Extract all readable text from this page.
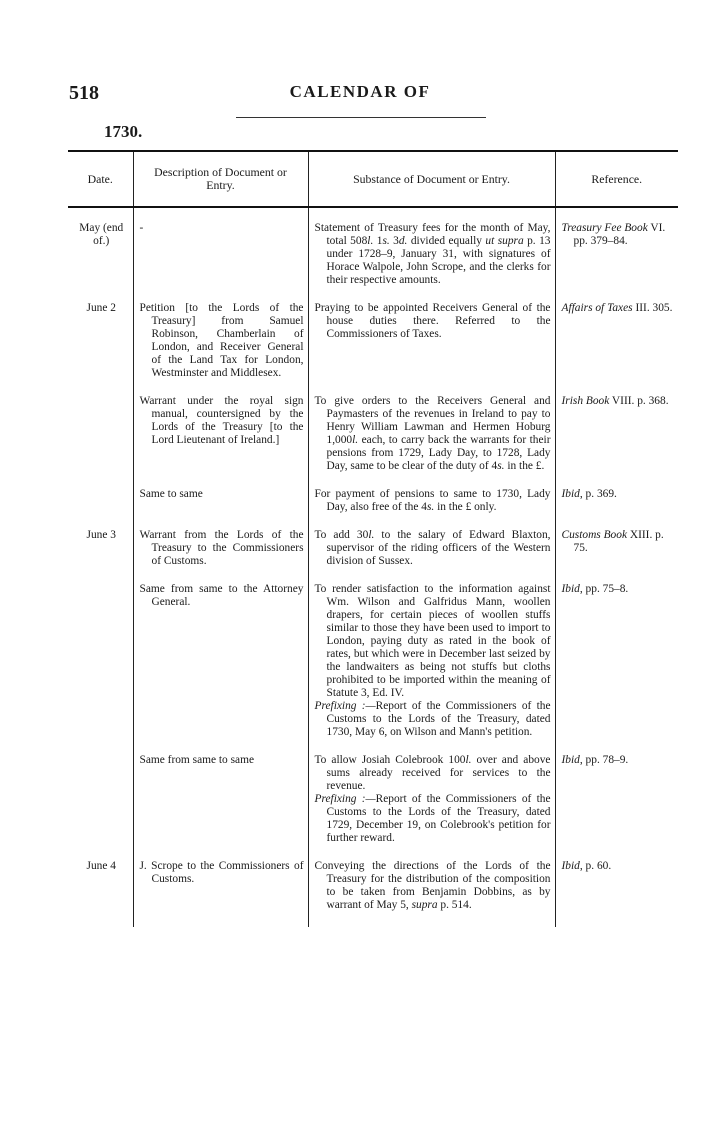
518	CALENDAR OF
1730.
Date.	Description of Document or Entry.	Substance of Document or Entry.	Reference.
May (end of.)	-	Statement of Treasury fees for the month of May, total 508l. 1s. 3d. divided equally ut supra p. 13 under 1728–9, January 31, with signatures of Horace Walpole, John Scrope, and the clerks for their respective amounts.	Treasury Fee Book VI. pp. 379–84.

June 2	Petition [to the Lords of the Treasury] from Samuel Robinson, Chamberlain of London, and Receiver General of the Land Tax for London, Westminster and Middlesex.	Praying to be appointed Receivers General of the house duties there. Referred to the Commissioners of Taxes.	Affairs of Taxes III. 305.

	Warrant under the royal sign manual, countersigned by the Lords of the Treasury [to the Lord Lieutenant of Ireland.]	To give orders to the Receivers General and Paymasters of the revenues in Ireland to pay to Henry William Lawman and Hermen Hoburg 1,000l. each, to carry back the warrants for their pensions from 1729, Lady Day, to 1728, Lady Day, same to be clear of the duty of 4s. in the £.	Irish Book VIII. p. 368.

	Same to same	For payment of pensions to same to 1730, Lady Day, also free of the 4s. in the £ only.	Ibid, p. 369.

June 3	Warrant from the Lords of the Treasury to the Commissioners of Customs.	To add 30l. to the salary of Edward Blaxton, supervisor of the riding officers of the Western division of Sussex.	Customs Book XIII. p. 75.

	Same from same to the Attorney General.	To render satisfaction to the information against Wm. Wilson and Galfridus Mann, woollen drapers, for certain pieces of woollen stuffs similar to those they have been used to import to London, paying duty as rated in the book of rates, but which were in December last seized by the landwaiters as being not stuffs but cloths prohibited to be imported within the meaning of Statute 3, Ed. IV.
Prefixing :—Report of the Commissioners of the Customs to the Lords of the Treasury, dated 1730, May 6, on Wilson and Mann's petition.	Ibid, pp. 75–8.

	Same from same to same	To allow Josiah Colebrook 100l. over and above sums already received for services to the revenue.
Prefixing :—Report of the Commissioners of the Customs to the Lords of the Treasury, dated 1729, December 19, on Colebrook's petition for further reward.	Ibid, pp. 78–9.

June 4	J. Scrope to the Commissioners of Customs.	Conveying the directions of the Lords of the Treasury for the distribution of the composition to be taken from Benjamin Dobbins, as by warrant of May 5, supra p. 514.	Ibid, p. 60.
